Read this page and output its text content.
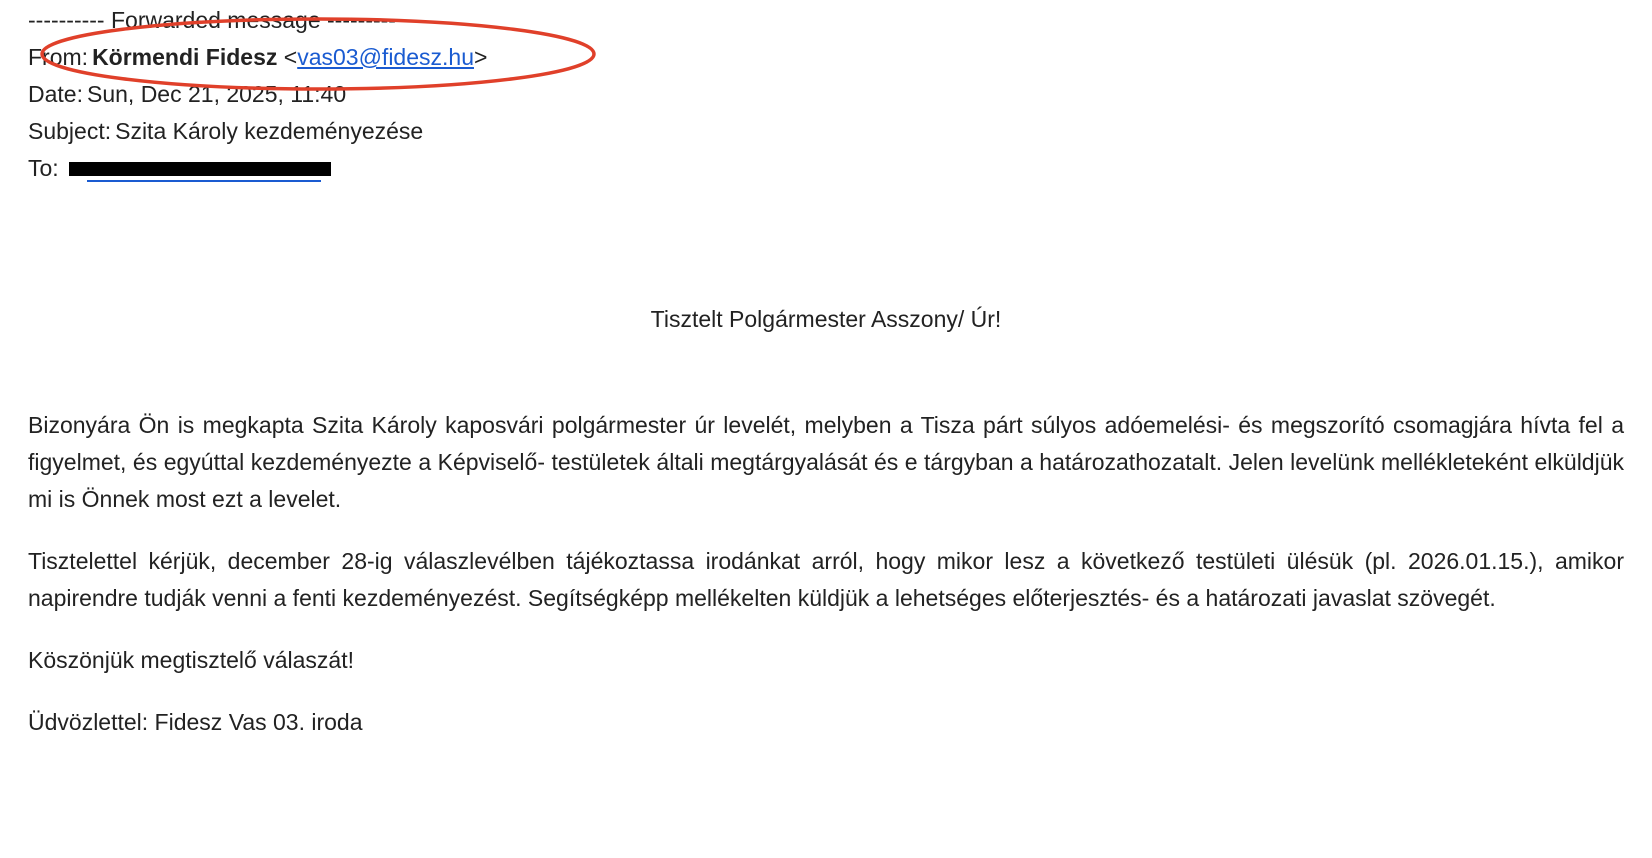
---------- Forwarded message ---------
From: Körmendi Fidesz <vas03@fidesz.hu>
Date: Sun, Dec 21, 2025, 11:40
Subject: Szita Károly kezdeményezése
To:
Tisztelt Polgármester Asszony/ Úr!

Bizonyára Ön is megkapta Szita Károly kaposvári polgármester úr levelét, melyben a Tisza párt súlyos adóemelési- és megszorító csomagjára hívta fel a figyelmet, és egyúttal kezdeményezte a Képviselő- testületek általi megtárgyalását és e tárgyban a határozathozatalt. Jelen levelünk mellékleteként elküldjük mi is Önnek most ezt a levelet.

Tisztelettel kérjük, december 28-ig válaszlevélben tájékoztassa irodánkat arról, hogy mikor lesz a következő testületi ülésük (pl. 2026.01.15.), amikor napirendre tudják venni a fenti kezdeményezést. Segítségképp mellékelten küldjük a lehetséges előterjesztés- és a határozati javaslat szövegét.

Köszönjük megtisztelő válaszát!

Üdvözlettel: Fidesz Vas 03. iroda
